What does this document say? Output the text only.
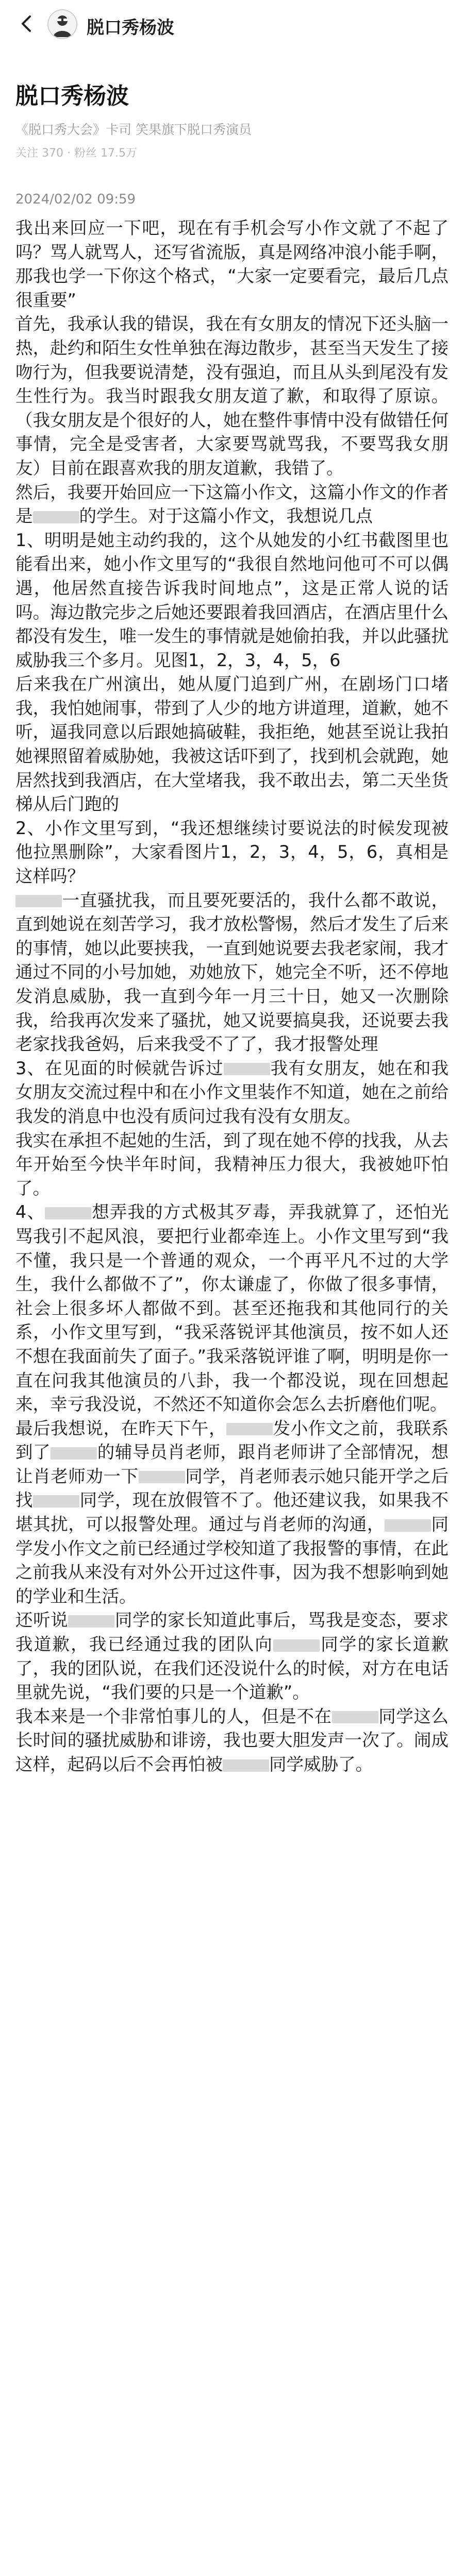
脱口秀杨波
脱口秀杨波
《脱口秀大会》卡司 笑果旗下脱口秀演员
关注 370 · 粉丝 17.5万
2024/02/02 09:59

我出来回应一下吧，现在有手机会写小作文就了不起了吗？骂人就骂人，还写省流版，真是网络冲浪小能手啊，那我也学一下你这个格式，“大家一定要看完，最后几点很重要”

首先，我承认我的错误，我在有女朋友的情况下还头脑一热，赴约和陌生女性单独在海边散步，甚至当天发生了接吻行为，但我要说清楚，没有强迫，而且从头到尾没有发生性行为。我当时跟我女朋友道了歉，和取得了原谅。（我女朋友是个很好的人，她在整件事情中没有做错任何事情，完全是受害者，大家要骂就骂我，不要骂我女朋友）目前在跟喜欢我的朋友道歉，我错了。

然后，我要开始回应一下这篇小作文，这篇小作文的作者是	的学生。对于这篇小作文，我想说几点

1、明明是她主动约我的，这个从她发的小红书截图里也能看出来，她小作文里写的“我很自然地问他可不可以偶遇，他居然直接告诉我时间地点”，这是正常人说的话吗。海边散完步之后她还要跟着我回酒店，在酒店里什么都没有发生，唯一发生的事情就是她偷拍我，并以此骚扰威胁我三个多月。见图1，2，3，4，5，6

后来我在广州演出，她从厦门追到广州，在剧场门口堵我，我怕她闹事，带到了人少的地方讲道理，道歉，她不听，逼我同意以后跟她搞破鞋，我拒绝，她甚至说让我拍她裸照留着威胁她，我被这话吓到了，找到机会就跑，她居然找到我酒店，在大堂堵我，我不敢出去，第二天坐货梯从后门跑的

2、小作文里写到，“我还想继续讨要说法的时候发现被他拉黑删除”，大家看图片1，2，3，4，5，6，真相是这样吗？

一直骚扰我，而且要死要活的，我什么都不敢说，直到她说在刻苦学习，我才放松警惕，然后才发生了后来的事情，她以此要挟我，一直到她说要去我老家闹，我才通过不同的小号加她，劝她放下，她完全不听，还不停地发消息威胁，我一直到今年一月三十日，她又一次删除我，给我再次发来了骚扰，她又说要搞臭我，还说要去我老家找我爸妈，后来我受不了了，我才报警处理

3、在见面的时候就告诉过	我有女朋友，她在和我女朋友交流过程中和在小作文里装作不知道，她在之前给我发的消息中也没有质问过我有没有女朋友。

我实在承担不起她的生活，到了现在她不停的找我，从去年开始至今快半年时间，我精神压力很大，我被她吓怕了。

4、	想弄我的方式极其歹毒，弄我就算了，还怕光骂我引不起风浪，要把行业都牵连上。小作文里写到“我不懂，我只是一个普通的观众，一个再平凡不过的大学生，我什么都做不了”，你太谦虚了，你做了很多事情，社会上很多坏人都做不到。甚至还拖我和其他同行的关系，小作文里写到，“我采落锐评其他演员，按不如人还不想在我面前失了面子。”我采落锐评谁了啊，明明是你一直在问我其他演员的八卦，我一个都没说，现在回想起来，幸亏我没说，不然还不知道你会怎么去折磨他们呢。

最后我想说，在昨天下午，	发小作文之前，我联系到了	的辅导员肖老师，跟肖老师讲了全部情况，想让肖老师劝一下	同学，肖老师表示她只能开学之后找	同学，现在放假管不了。他还建议我，如果我不堪其扰，可以报警处理。通过与肖老师的沟通，	同学发小作文之前已经通过学校知道了我报警的事情，在此之前我从来没有对外公开过这件事，因为我不想影响到她的学业和生活。

还听说	同学的家长知道此事后，骂我是变态，要求我道歉，我已经通过我的团队向	同学的家长道歉了，我的团队说，在我们还没说什么的时候，对方在电话里就先说，“我们要的只是一个道歉”。

我本来是一个非常怕事儿的人，但是不在	同学这么长时间的骚扰威胁和诽谤，我也要大胆发声一次了。闹成这样，起码以后不会再怕被	同学威胁了。
